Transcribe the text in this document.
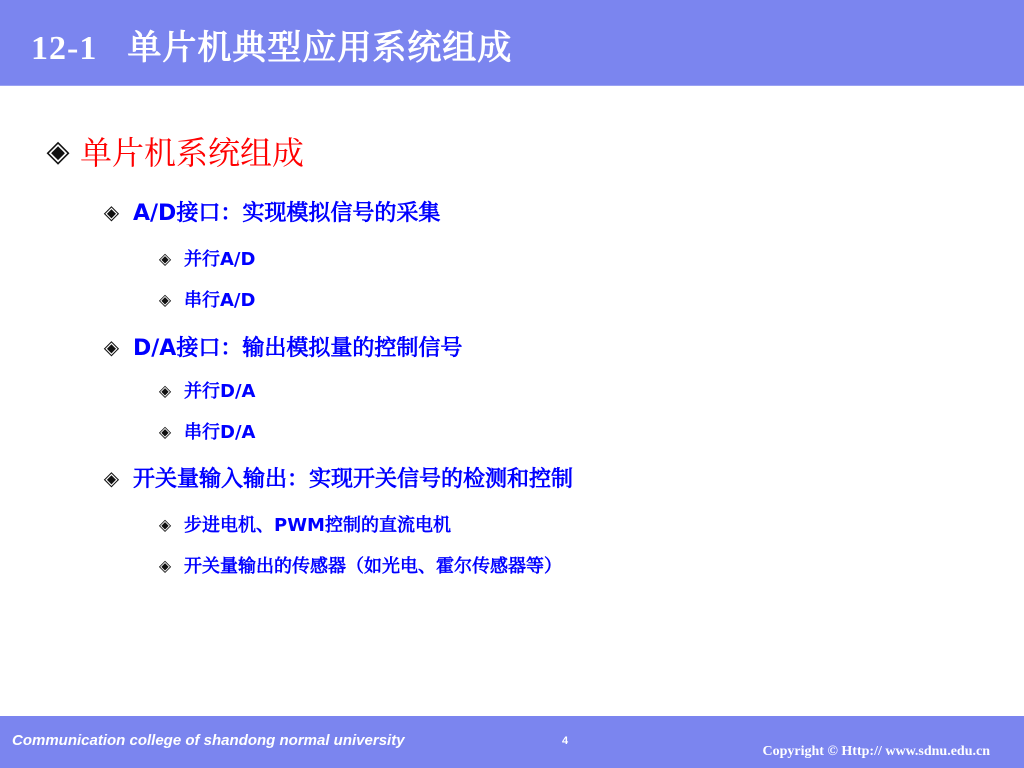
12-1 单片机典型应用系统组成
◈ 单片机系统组成
◈ A/D接口：实现模拟信号的采集
◈ 并行A/D
◈ 串行A/D
◈ D/A接口：输出模拟量的控制信号
◈ 并行D/A
◈ 串行D/A
◈ 开关量输入输出：实现开关信号的检测和控制
◈ 步进电机、PWM控制的直流电机
◈ 开关量输出的传感器（如光电、霍尔传感器等）
Communication college of shandong normal university	4
Copyright © Http:// www.sdnu.edu.cn
